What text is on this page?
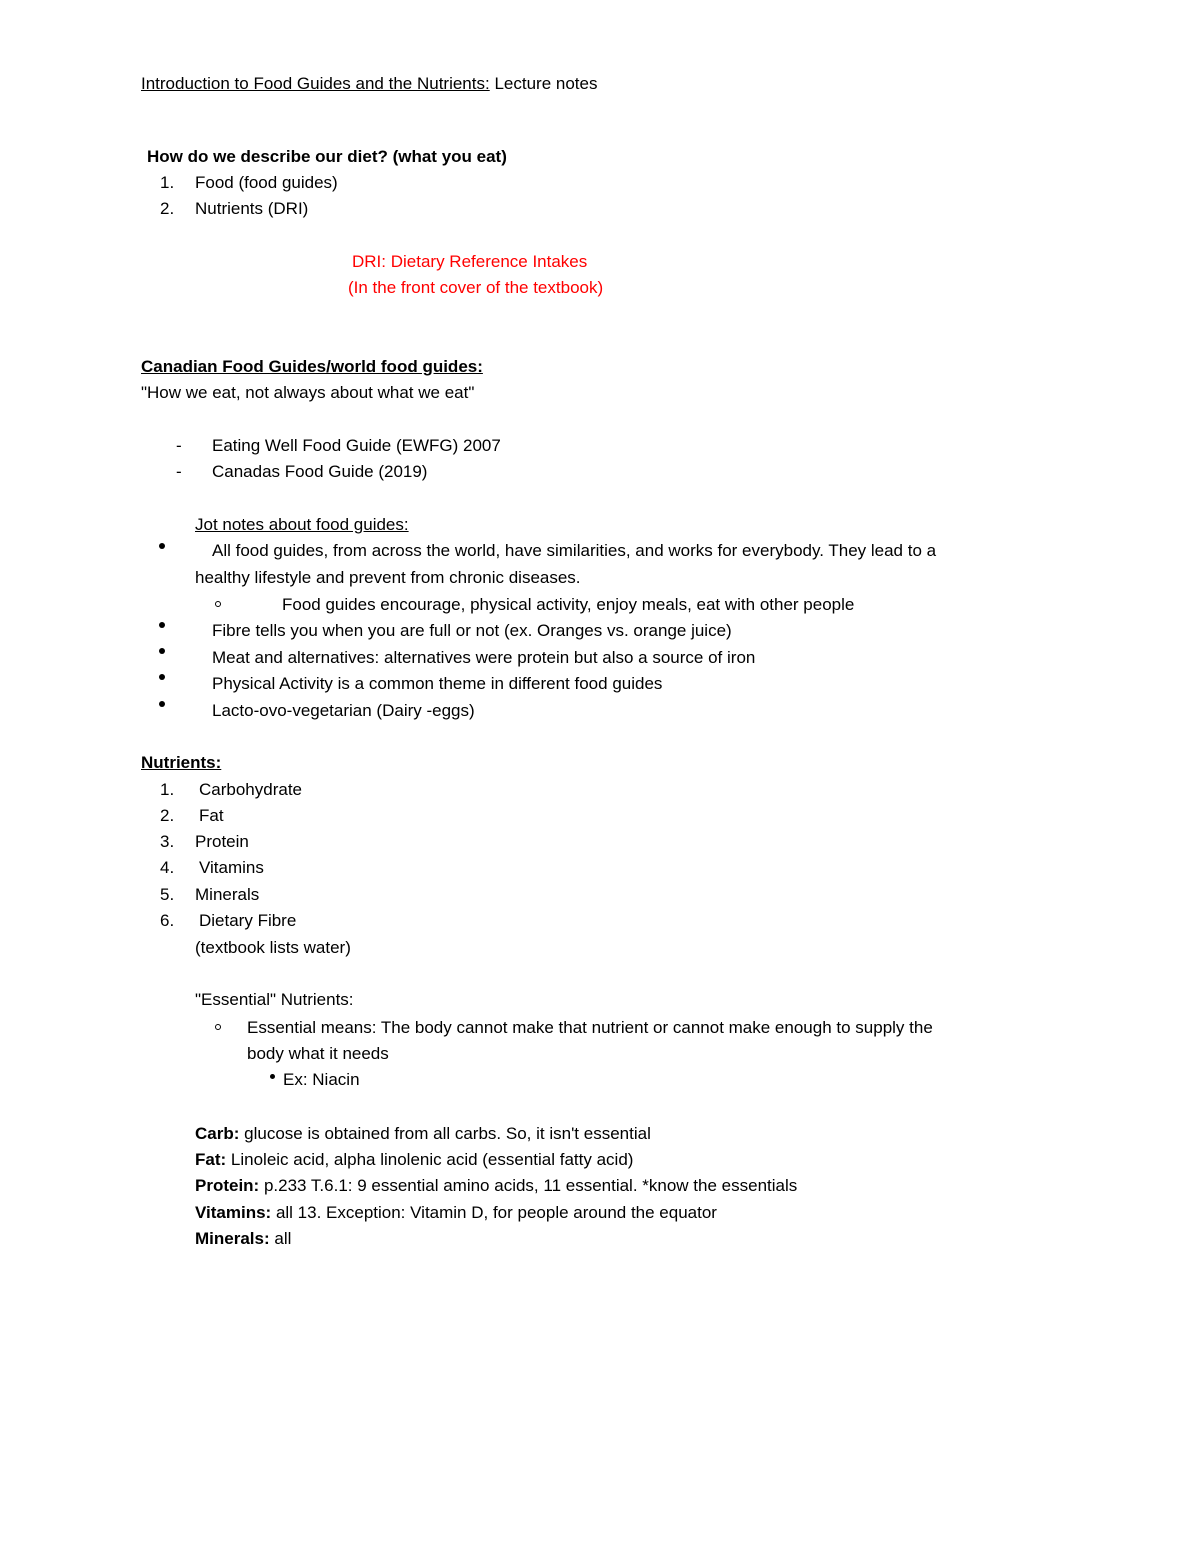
Introduction to Food Guides and the Nutrients: Lecture notes
How do we describe our diet? (what you eat)
1. Food (food guides)
2. Nutrients (DRI)
DRI: Dietary Reference Intakes
(In the front cover of the textbook)
Canadian Food Guides/world food guides:
"How we eat, not always about what we eat"
- Eating Well Food Guide (EWFG) 2007
- Canadas Food Guide (2019)
Jot notes about food guides:
All food guides, from across the world, have similarities, and works for everybody. They lead to a
healthy lifestyle and prevent from chronic diseases.
Food guides encourage, physical activity, enjoy meals, eat with other people
Fibre tells you when you are full or not (ex. Oranges vs. orange juice)
Meat and alternatives: alternatives were protein but also a source of iron
Physical Activity is a common theme in different food guides
Lacto-ovo-vegetarian (Dairy -eggs)
Nutrients:
1. Carbohydrate
2. Fat
3. Protein
4. Vitamins
5. Minerals
6. Dietary Fibre
(textbook lists water)
"Essential" Nutrients:
Essential means: The body cannot make that nutrient or cannot make enough to supply the
body what it needs
Ex: Niacin
Carb: glucose is obtained from all carbs. So, it isn't essential
Fat: Linoleic acid, alpha linolenic acid (essential fatty acid)
Protein: p.233 T.6.1: 9 essential amino acids, 11 essential. *know the essentials
Vitamins: all 13. Exception: Vitamin D, for people around the equator
Minerals: all
